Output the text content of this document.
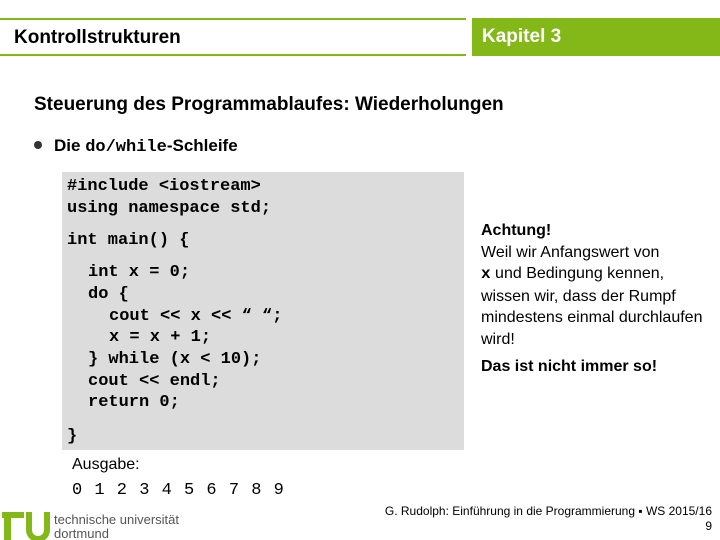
Kontrollstrukturen	Kapitel 3
Steuerung des Programmablaufes: Wiederholungen
Die do/while-Schleife
#include <iostream>
using namespace std;
int main() {
int x = 0;
do {
cout << x << “ “;
x = x + 1;
} while (x < 10);
cout << endl;
return 0;
}
Achtung!
Weil wir Anfangswert von
x und Bedingung kennen, wissen wir, dass der Rumpf mindestens einmal durchlaufen wird!
Das ist nicht immer so!
Ausgabe:
0 1 2 3 4 5 6 7 8 9
technische universität
dortmund
G. Rudolph: Einführung in die Programmierung ▪ WS 2015/16
9
